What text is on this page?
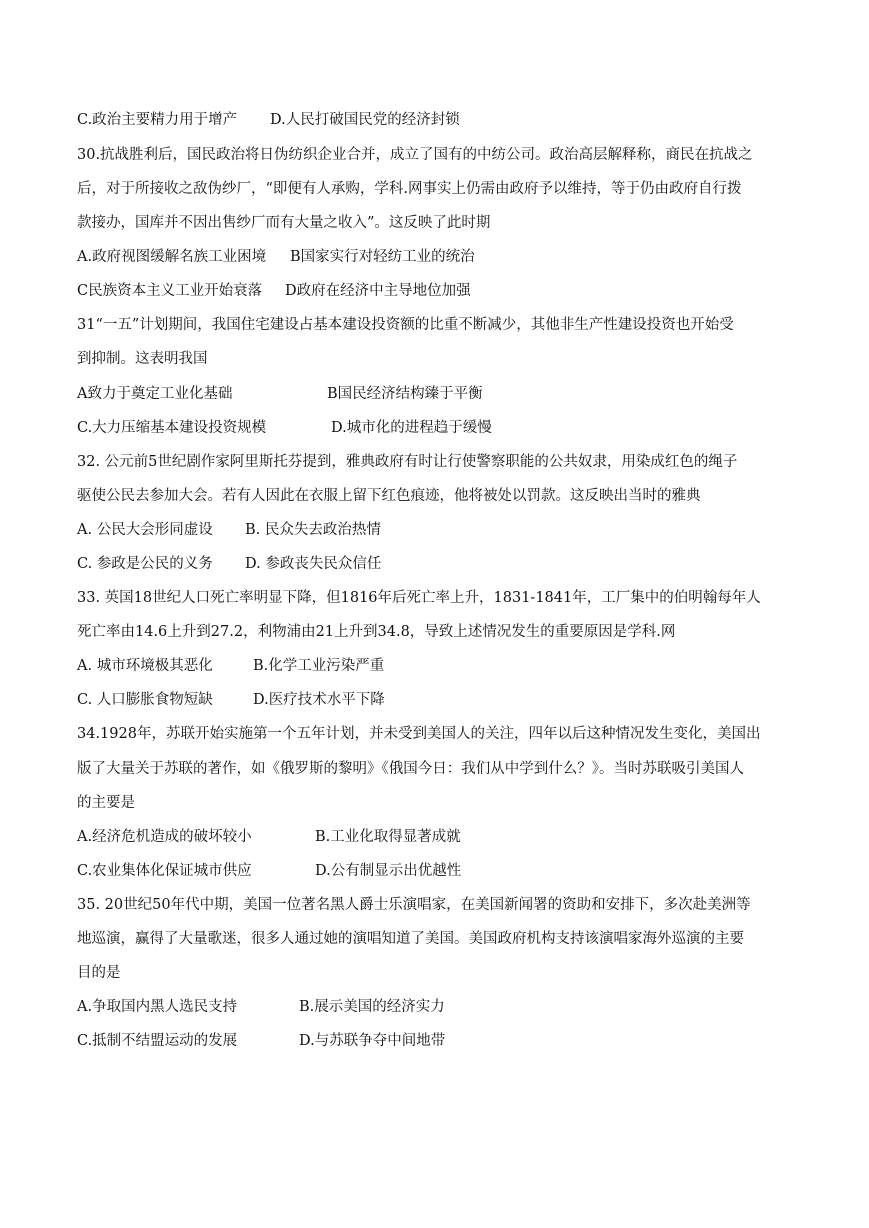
C.政治主要精力用于增产 D.人民打破国民党的经济封锁
30.抗战胜利后，国民政治将日伪纺织企业合并，成立了国有的中纺公司。政治高层解释称，商民在抗战之
后，对于所接收之敌伪纱厂，“即便有人承购，学科.网事实上仍需由政府予以维持，等于仍由政府自行拨
款接办，国库并不因出售纱厂而有大量之收入”。这反映了此时期
A.政府视图缓解名族工业困境 B国家实行对轻纺工业的统治
C民族资本主义工业开始衰落 D政府在经济中主导地位加强
31“一五”计划期间，我国住宅建设占基本建设投资额的比重不断减少，其他非生产性建设投资也开始受
到抑制。这表明我国
A致力于奠定工业化基础	B国民经济结构臻于平衡
C.大力压缩基本建设投资规模	D.城市化的进程趋于缓慢
32. 公元前5世纪剧作家阿里斯托芬提到，雅典政府有时让行使警察职能的公共奴隶，用染成红色的绳子
驱使公民去参加大会。若有人因此在衣服上留下红色痕迹，他将被处以罚款。这反映出当时的雅典
A. 公民大会形同虚设 B. 民众失去政治热情
C. 参政是公民的义务 D. 参政丧失民众信任
33. 英国18世纪人口死亡率明显下降，但1816年后死亡率上升，1831-1841年，工厂集中的伯明翰每年人
死亡率由14.6上升到27.2，利物浦由21上升到34.8，导致上述情况发生的重要原因是学科.网
A. 城市环境极其恶化	B.化学工业污染严重
C. 人口膨胀食物短缺	D.医疗技术水平下降
34.1928年，苏联开始实施第一个五年计划，并未受到美国人的关注，四年以后这种情况发生变化，美国出
版了大量关于苏联的著作，如《俄罗斯的黎明》《俄国今日：我们从中学到什么？》。当时苏联吸引美国人
的主要是
A.经济危机造成的破坏较小	B.工业化取得显著成就
C.农业集体化保证城市供应	D.公有制显示出优越性
35. 20世纪50年代中期，美国一位著名黑人爵士乐演唱家，在美国新闻署的资助和安排下，多次赴美洲等
地巡演，赢得了大量歌迷，很多人通过她的演唱知道了美国。美国政府机构支持该演唱家海外巡演的主要
目的是
A.争取国内黑人选民支持	B.展示美国的经济实力
C.抵制不结盟运动的发展	D.与苏联争夺中间地带
